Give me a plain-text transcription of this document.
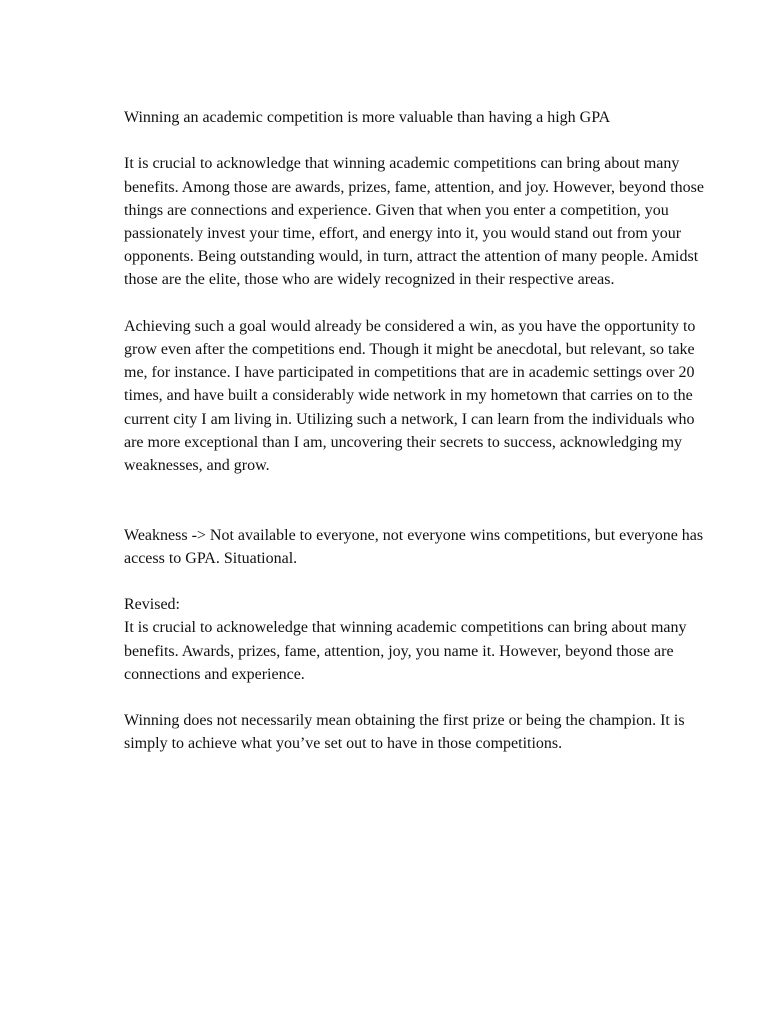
Winning an academic competition is more valuable than having a high GPA

It is crucial to acknowledge that winning academic competitions can bring about many benefits. Among those are awards, prizes, fame, attention, and joy. However, beyond those things are connections and experience. Given that when you enter a competition, you passionately invest your time, effort, and energy into it, you would stand out from your opponents. Being outstanding would, in turn, attract the attention of many people. Amidst those are the elite, those who are widely recognized in their respective areas.

Achieving such a goal would already be considered a win, as you have the opportunity to grow even after the competitions end. Though it might be anecdotal, but relevant, so take me, for instance. I have participated in competitions that are in academic settings over 20 times, and have built a considerably wide network in my hometown that carries on to the current city I am living in. Utilizing such a network, I can learn from the individuals who are more exceptional than I am, uncovering their secrets to success, acknowledging my weaknesses, and grow.

Weakness -> Not available to everyone, not everyone wins competitions, but everyone has access to GPA. Situational.

Revised:

It is crucial to acknoweledge that winning academic competitions can bring about many benefits. Awards, prizes, fame, attention, joy, you name it. However, beyond those are connections and experience.

Winning does not necessarily mean obtaining the first prize or being the champion. It is simply to achieve what you’ve set out to have in those competitions.
